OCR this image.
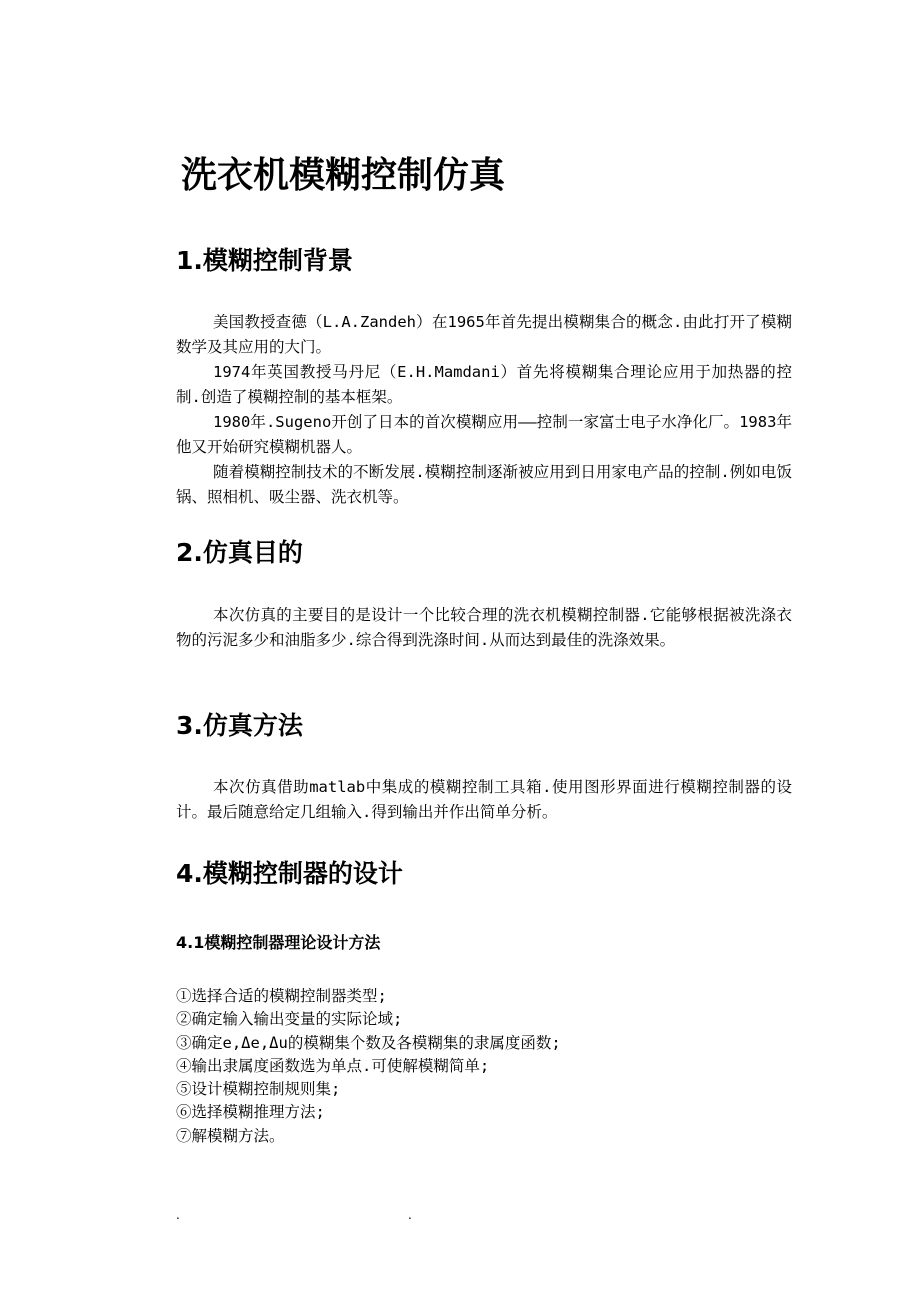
洗衣机模糊控制仿真
1.模糊控制背景

美国教授查德（L.A.Zandeh）在1965年首先提出模糊集合的概念.由此打开了模糊数学及其应用的大门。

1974年英国教授马丹尼（E.H.Mamdani）首先将模糊集合理论应用于加热器的控制.创造了模糊控制的基本框架。

1980年.Sugeno开创了日本的首次模糊应用——控制一家富士电子水净化厂。1983年他又开始研究模糊机器人。

随着模糊控制技术的不断发展.模糊控制逐渐被应用到日用家电产品的控制.例如电饭锅、照相机、吸尘器、洗衣机等。

2.仿真目的

本次仿真的主要目的是设计一个比较合理的洗衣机模糊控制器.它能够根据被洗涤衣物的污泥多少和油脂多少.综合得到洗涤时间.从而达到最佳的洗涤效果。

3.仿真方法

本次仿真借助matlab中集成的模糊控制工具箱.使用图形界面进行模糊控制器的设计。最后随意给定几组输入.得到输出并作出简单分析。

4.模糊控制器的设计
4.1模糊控制器理论设计方法
①选择合适的模糊控制器类型;
②确定输入输出变量的实际论域;
③确定e,Δe,Δu的模糊集个数及各模糊集的隶属度函数;
④输出隶属度函数选为单点.可使解模糊简单;
⑤设计模糊控制规则集;
⑥选择模糊推理方法;
⑦解模糊方法。
.	.
